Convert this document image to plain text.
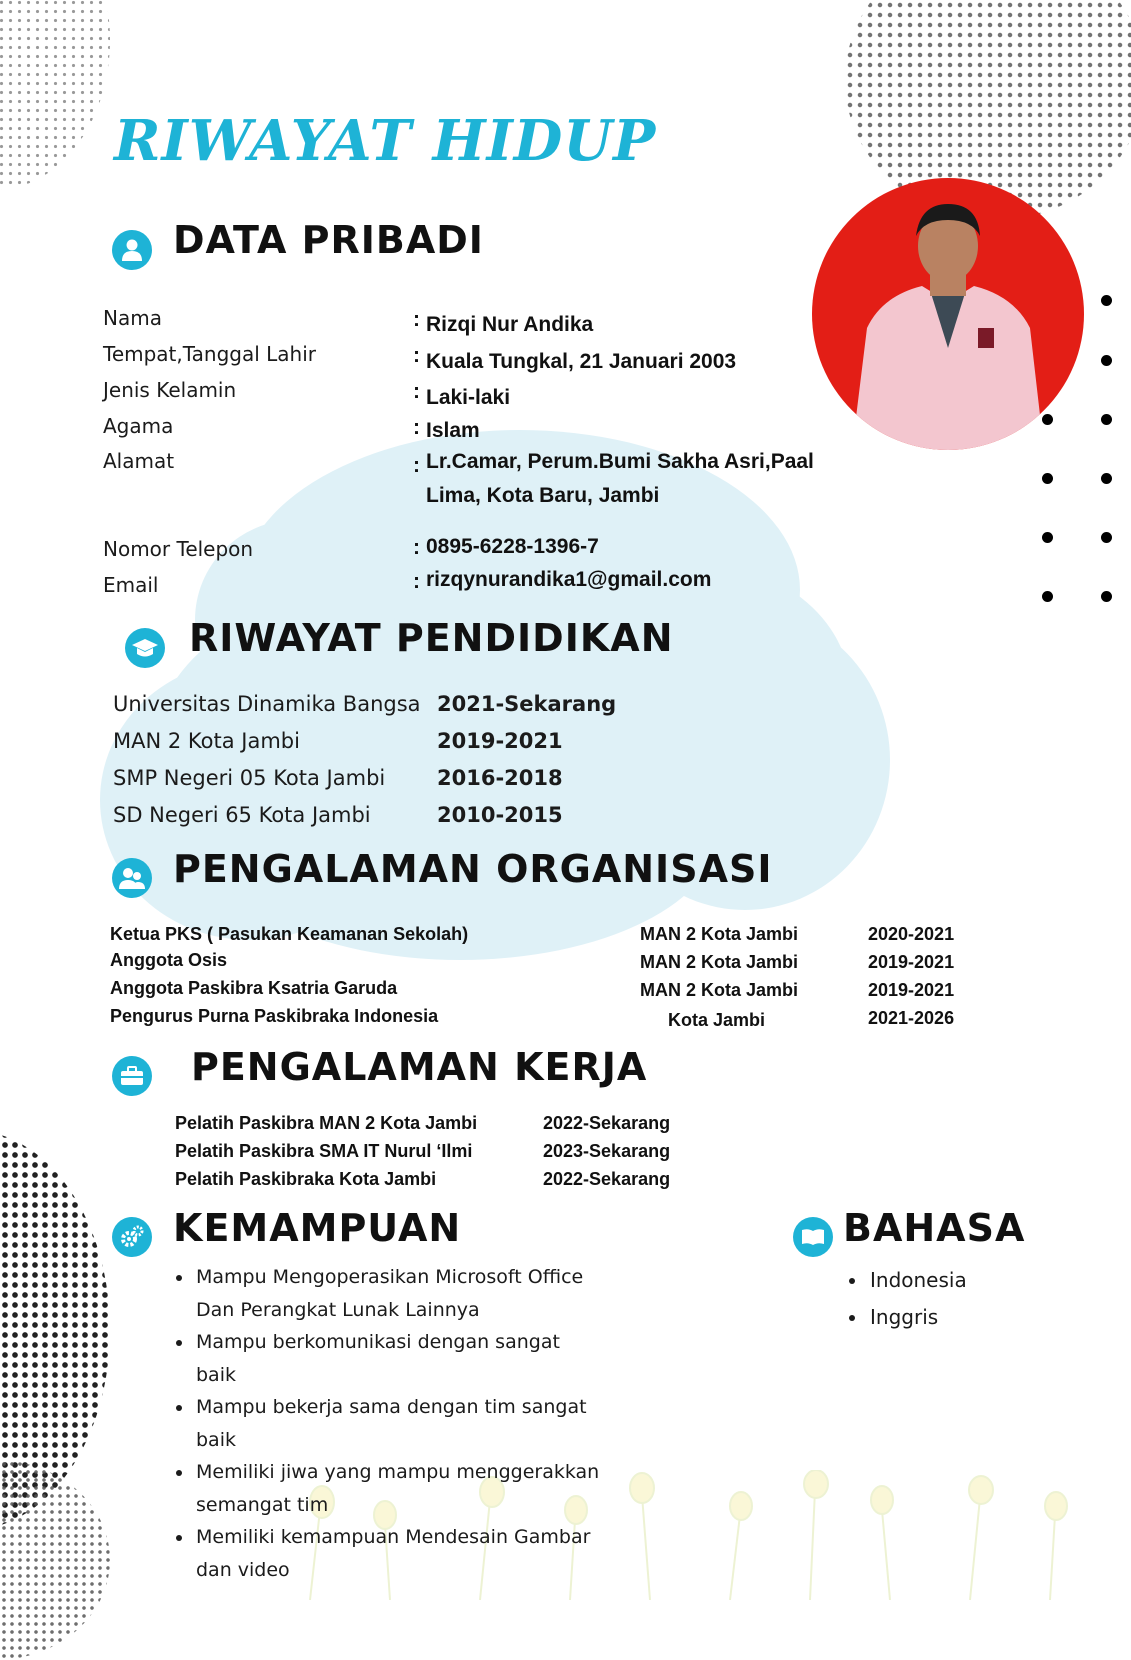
RIWAYAT HIDUP
DATA PRIBADI
Nama
Tempat,Tanggal Lahir
Jenis Kelamin
Agama
Alamat
Nomor Telepon
Email
:
:
:
:
:
:
:
Rizqi Nur Andika
Kuala Tungkal, 21 Januari 2003
Laki-laki
Islam
Lr.Camar, Perum.Bumi Sakha Asri,Paal
Lima, Kota Baru, Jambi
0895-6228-1396-7
rizqynurandika1@gmail.com
RIWAYAT PENDIDIKAN
Universitas Dinamika Bangsa
MAN 2 Kota Jambi
SMP Negeri 05 Kota Jambi
SD Negeri 65 Kota Jambi
2021-Sekarang
2019-2021
2016-2018
2010-2015
PENGALAMAN ORGANISASI
Ketua PKS ( Pasukan Keamanan Sekolah)
Anggota Osis
Anggota Paskibra Ksatria Garuda
Pengurus Purna Paskibraka Indonesia
MAN 2 Kota Jambi
MAN 2 Kota Jambi
MAN 2 Kota Jambi
Kota Jambi
2020-2021
2019-2021
2019-2021
2021-2026
PENGALAMAN KERJA
Pelatih Paskibra MAN 2 Kota Jambi
Pelatih Paskibra SMA IT Nurul ‘Ilmi
Pelatih Paskibraka Kota Jambi
2022-Sekarang
2023-Sekarang
2022-Sekarang
KEMAMPUAN
• Mampu Mengoperasikan Microsoft Office Dan Perangkat Lunak Lainnya
• Mampu berkomunikasi dengan sangat baik
• Mampu bekerja sama dengan tim sangat baik
• Memiliki jiwa yang mampu menggerakkan semangat tim
• Memiliki kemampuan Mendesain Gambar dan video
BAHASA
• Indonesia
• Inggris
